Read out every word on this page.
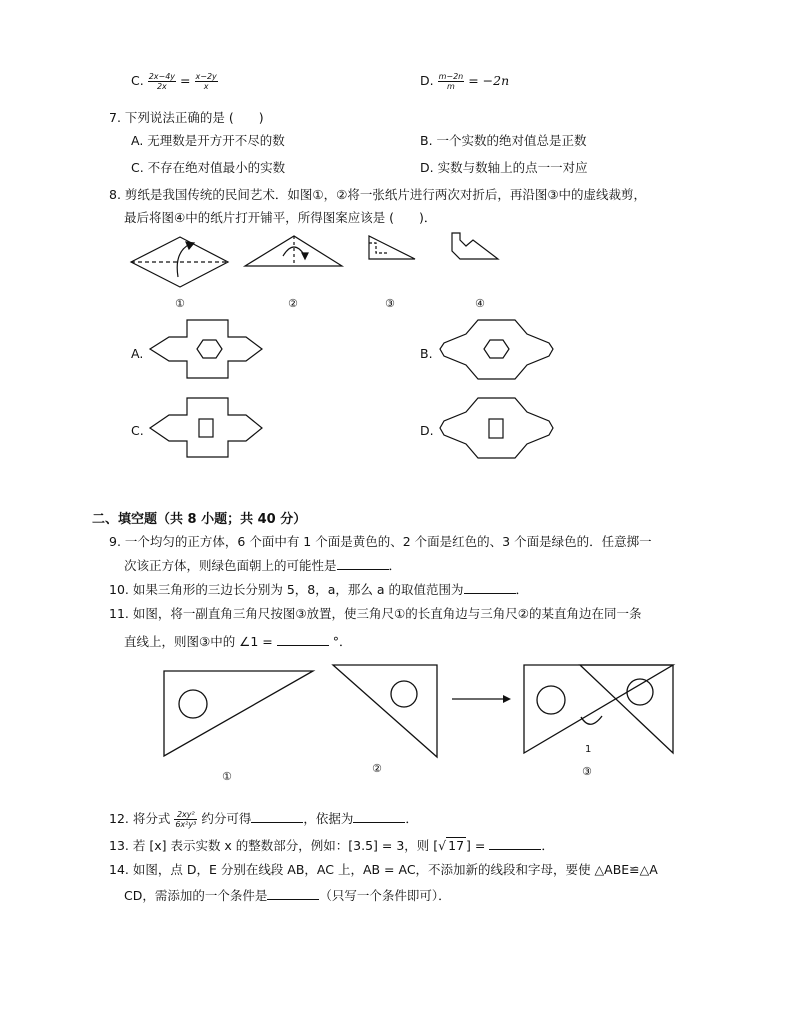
C. $\frac{2x-4y}{2x} = \frac{x-2y}{x}$	D. $\frac{m-2n}{m} = -2n$
7. 下列说法正确的是 (　　)
A. 无理数是开方开不尽的数	B. 一个实数的绝对值总是正数
C. 不存在绝对值最小的实数	D. 实数与数轴上的点一一对应
8. 剪纸是我国传统的民间艺术．如图①，②将一张纸片进行两次对折后，再沿图③中的虚线裁剪，
最后将图④中的纸片打开铺平，所得图案应该是 (　　)．
①	②	③	④
A.	B.
C.	D.
二、填空题（共 8 小题；共 40 分）
9. 一个均匀的正方体，6 个面中有 1 个面是黄色的、2 个面是红色的、3 个面是绿色的．任意掷一
次该正方体，则绿色面朝上的可能性是	．
10. 如果三角形的三边长分别为 5，8，a，那么 a 的取值范围为	．
11. 如图，将一副直角三角尺按图③放置，使三角尺①的长直角边与三角尺②的某直角边在同一条
直线上，则图③中的 ∠1 =	°．
①
②	③
1
12. 将分式 $\frac{\text{2xy²}}{\text{6x²y³}}$ 约分可得	，依据为	．
13. 若 [x] 表示实数 x 的整数部分，例如：[3.5] = 3，则 [√ 17 ] =	．
14. 如图，点 D，E 分别在线段 AB，AC 上，AB = AC，不添加新的线段和字母，要使 △ABE≌△A
CD，需添加的一个条件是	（只写一个条件即可）．
